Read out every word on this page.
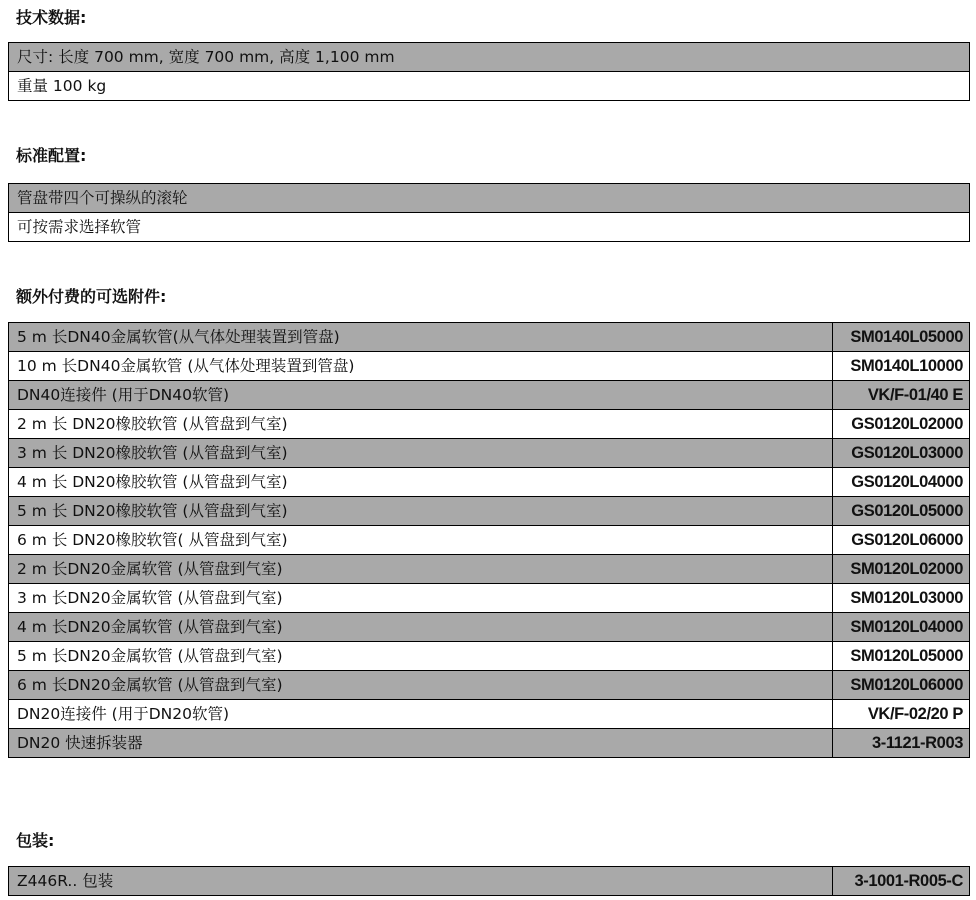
技术数据:
尺寸: 长度 700 mm, 宽度 700 mm, 高度 1,100 mm
重量 100 kg
标准配置:
管盘带四个可操纵的滚轮
可按需求选择软管
额外付费的可选附件:
5 m 长DN40金属软管(从气体处理装置到管盘)	SM0140L05000
10 m 长DN40金属软管 (从气体处理装置到管盘)	SM0140L10000
DN40连接件 (用于DN40软管)	VK/F-01/40 E
2 m 长 DN20橡胶软管 (从管盘到气室)	GS0120L02000
3 m 长 DN20橡胶软管 (从管盘到气室)	GS0120L03000
4 m 长 DN20橡胶软管 (从管盘到气室)	GS0120L04000
5 m 长 DN20橡胶软管 (从管盘到气室)	GS0120L05000
6 m 长 DN20橡胶软管( 从管盘到气室)	GS0120L06000
2 m 长DN20金属软管 (从管盘到气室)	SM0120L02000
3 m 长DN20金属软管 (从管盘到气室)	SM0120L03000
4 m 长DN20金属软管 (从管盘到气室)	SM0120L04000
5 m 长DN20金属软管 (从管盘到气室)	SM0120L05000
6 m 长DN20金属软管 (从管盘到气室)	SM0120L06000
DN20连接件 (用于DN20软管)	VK/F-02/20 P
DN20 快速拆装器	3-1121-R003
包装:
Z446R.. 包装	3-1001-R005-C
